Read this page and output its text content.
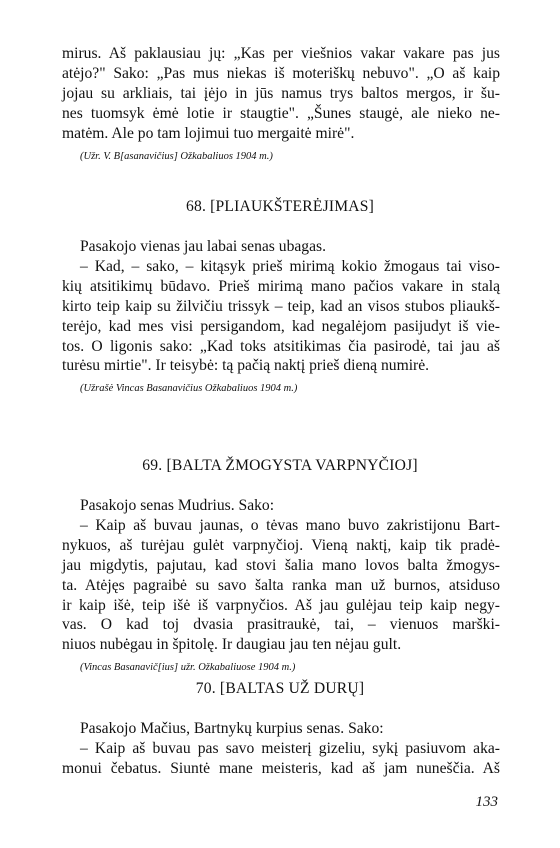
mirus. Aš paklausiau jų: „Kas per viešnios vakar vakare pas jus

atėjo?" Sako: „Pas mus niekas iš moteriškų nebuvo". „O aš kaip

jojau su arkliais, tai įėjo in jūs namus trys baltos mergos, ir šu-

nes tuomsyk ėmė lotie ir staugtie". „Šunes staugė, ale nieko ne-

matėm. Ale po tam lojimui tuo mergaitė mirė".

(Užr. V. B[asanavičius] Ožkabaliuos 1904 m.)

68. [PLIAUKŠTERĖJIMAS]

Pasakojo vienas jau labai senas ubagas.

– Kad, – sako, – kitąsyk prieš mirimą kokio žmogaus tai viso-

kių atsitikimų būdavo. Prieš mirimą mano pačios vakare in stalą

kirto teip kaip su žilvičiu trissyk – teip, kad an visos stubos pliaukš-

terėjo, kad mes visi persigandom, kad negalėjom pasijudyt iš vie-

tos. O ligonis sako: „Kad toks atsitikimas čia pasirodė, tai jau aš

turėsu mirtie". Ir teisybė: tą pačią naktį prieš dieną numirė.

(Užrašė Vincas Basanavičius Ožkabaliuos 1904 m.)

69. [BALTA ŽMOGYSTA VARPNYČIOJ]

Pasakojo senas Mudrius. Sako:

– Kaip aš buvau jaunas, o tėvas mano buvo zakristijonu Bart-

nykuos, aš turėjau gulėt varpnyčioj. Vieną naktį, kaip tik pradė-

jau migdytis, pajutau, kad stovi šalia mano lovos balta žmogys-

ta. Atėjęs pagraibė su savo šalta ranka man už burnos, atsiduso

ir kaip išė, teip išė iš varpnyčios. Aš jau gulėjau teip kaip negy-

vas. O kad toj dvasia prasitraukė, tai, – vienuos marški-

niuos nubėgau in špitolę. Ir daugiau jau ten nėjau gult.

(Vincas Basanavič[ius] užr. Ožkabaliuose 1904 m.)

70. [BALTAS UŽ DURŲ]

Pasakojo Mačius, Bartnykų kurpius senas. Sako:

– Kaip aš buvau pas savo meisterį gizeliu, sykį pasiuvom aka-

monui čebatus. Siuntė mane meisteris, kad aš jam nuneščia. Aš

133
